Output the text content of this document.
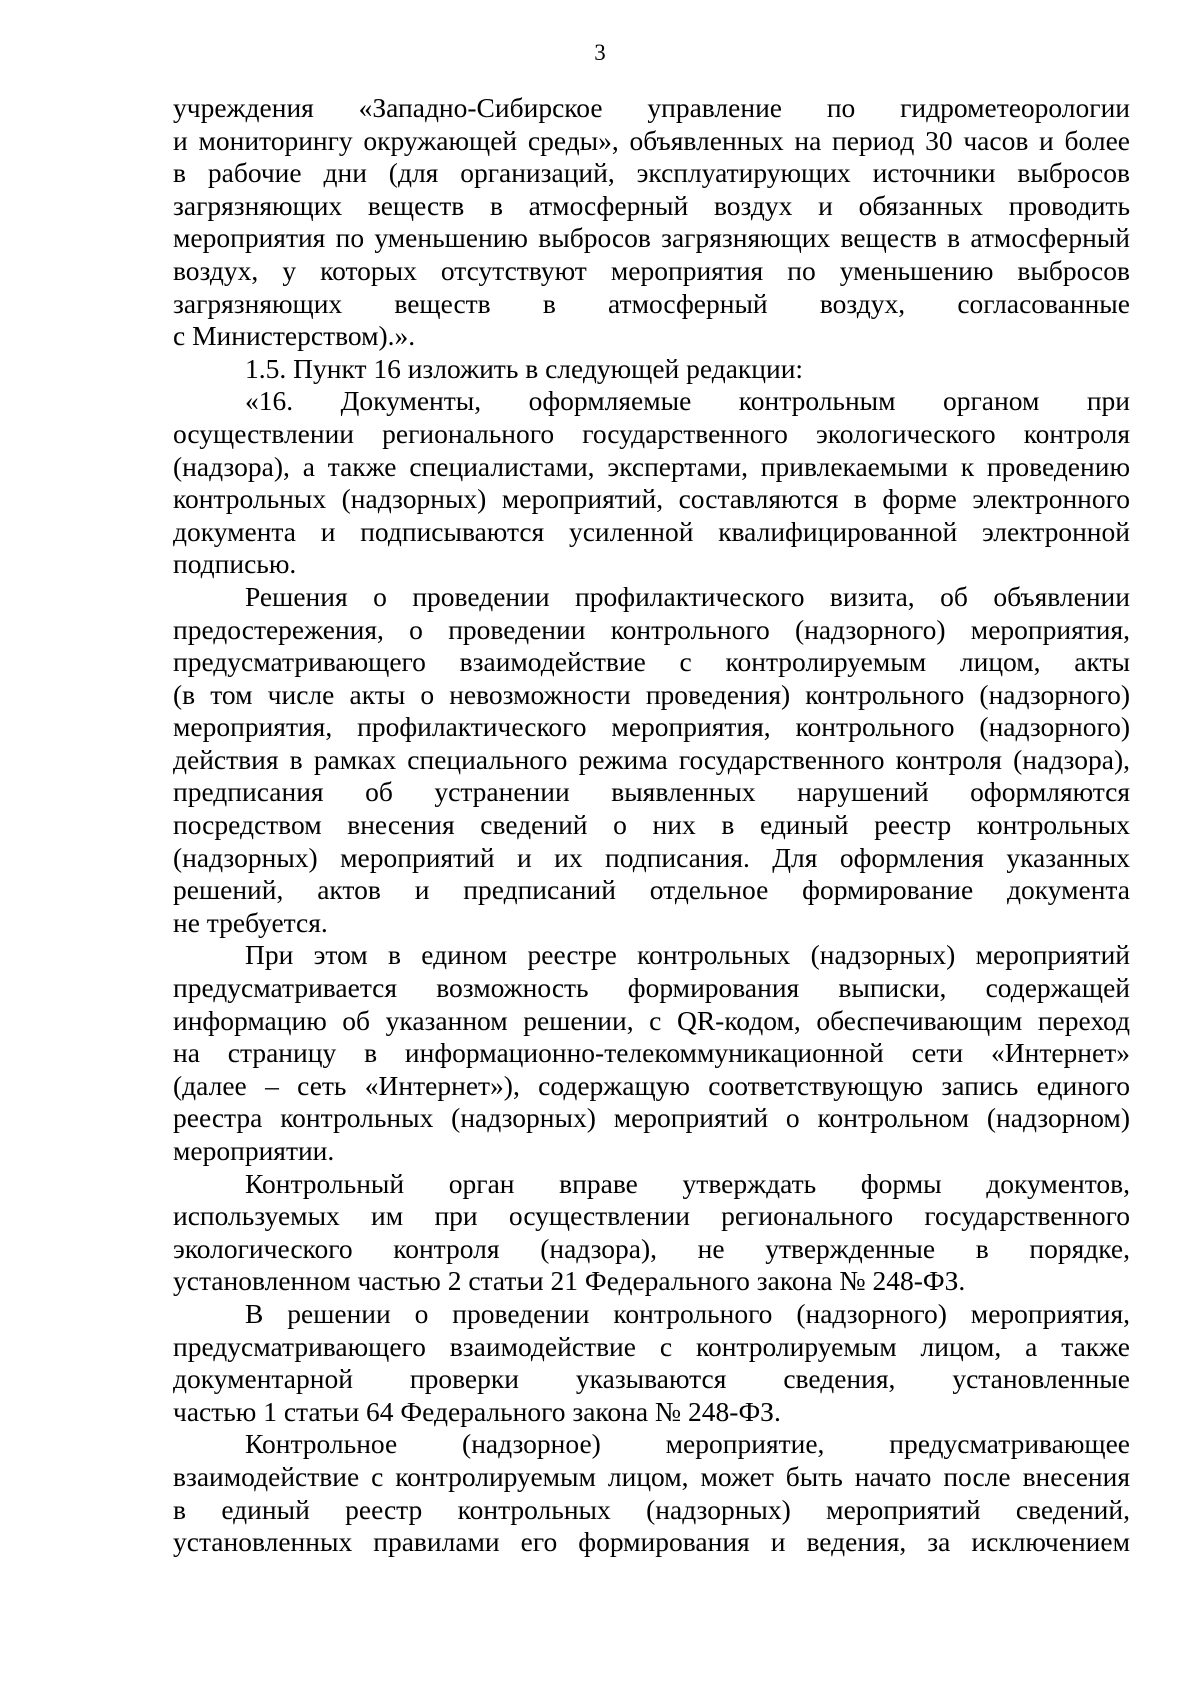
3
учреждения «Западно-Сибирское управление по гидрометеорологии
и мониторингу окружающей среды», объявленных на период 30 часов и более
в рабочие дни (для организаций, эксплуатирующих источники выбросов
загрязняющих веществ в атмосферный воздух и обязанных проводить
мероприятия по уменьшению выбросов загрязняющих веществ в атмосферный
воздух, у которых отсутствуют мероприятия по уменьшению выбросов
загрязняющих веществ в атмосферный воздух, согласованные
с Министерством).».
1.5. Пункт 16 изложить в следующей редакции:
«16. Документы, оформляемые контрольным органом при
осуществлении регионального государственного экологического контроля
(надзора), а также специалистами, экспертами, привлекаемыми к проведению
контрольных (надзорных) мероприятий, составляются в форме электронного
документа и подписываются усиленной квалифицированной электронной
подписью.
Решения о проведении профилактического визита, об объявлении
предостережения, о проведении контрольного (надзорного) мероприятия,
предусматривающего взаимодействие с контролируемым лицом, акты
(в том числе акты о невозможности проведения) контрольного (надзорного)
мероприятия, профилактического мероприятия, контрольного (надзорного)
действия в рамках специального режима государственного контроля (надзора),
предписания об устранении выявленных нарушений оформляются
посредством внесения сведений о них в единый реестр контрольных
(надзорных) мероприятий и их подписания. Для оформления указанных
решений, актов и предписаний отдельное формирование документа
не требуется.
При этом в едином реестре контрольных (надзорных) мероприятий
предусматривается возможность формирования выписки, содержащей
информацию об указанном решении, с QR-кодом, обеспечивающим переход
на страницу в информационно-телекоммуникационной сети «Интернет»
(далее – сеть «Интернет»), содержащую соответствующую запись единого
реестра контрольных (надзорных) мероприятий о контрольном (надзорном)
мероприятии.
Контрольный орган вправе утверждать формы документов,
используемых им при осуществлении регионального государственного
экологического контроля (надзора), не утвержденные в порядке,
установленном частью 2 статьи 21 Федерального закона № 248-ФЗ.
В решении о проведении контрольного (надзорного) мероприятия,
предусматривающего взаимодействие с контролируемым лицом, а также
документарной проверки указываются сведения, установленные
частью 1 статьи 64 Федерального закона № 248-ФЗ.
Контрольное (надзорное) мероприятие, предусматривающее
взаимодействие с контролируемым лицом, может быть начато после внесения
в единый реестр контрольных (надзорных) мероприятий сведений,
установленных правилами его формирования и ведения, за исключением
